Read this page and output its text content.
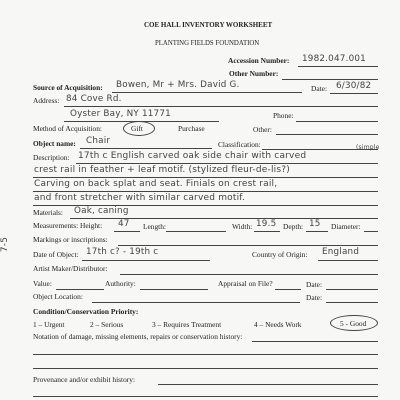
COE HALL INVENTORY WORKSHEET
PLANTING FIELDS FOUNDATION
Accession Number: 1982.047.001
Other Number:
Source of Acquisition: Bowen, Mr + Mrs. David G.	Date: 6/30/82
Address: 84 Cove Rd.
Oyster Bay, NY 11771	Phone:
Method of Acquisition:	Gift	Purchase	Other:
Object name: Chair	Classification:
Description:
(simple
17th c English carved oak side chair with carved
crest rail in feather + leaf motif. (stylized fleur-de-lis?)
Carving on back splat and seat. Finials on crest rail,
and front stretcher with similar carved motif.
Materials: Oak, caning
Measurements: Height: 47 Length:	Width: 19.5 Depth: 15 Diameter:
Markings or inscriptions:
Date of Object: 17th c? - 19th c	Country of Origin: England
Artist Maker/Distributor:
Value:	Authority:	Appraisal on File?	Date:
Object Location:	Date:
Condition/Conservation Priority:
1 – Urgent	2 – Serious	3 – Requires Treatment	4 – Needs Work	5 - Good
Notation of damage, missing elements, repairs or conservation history:
Provenance and/or exhibit history:
7-5
